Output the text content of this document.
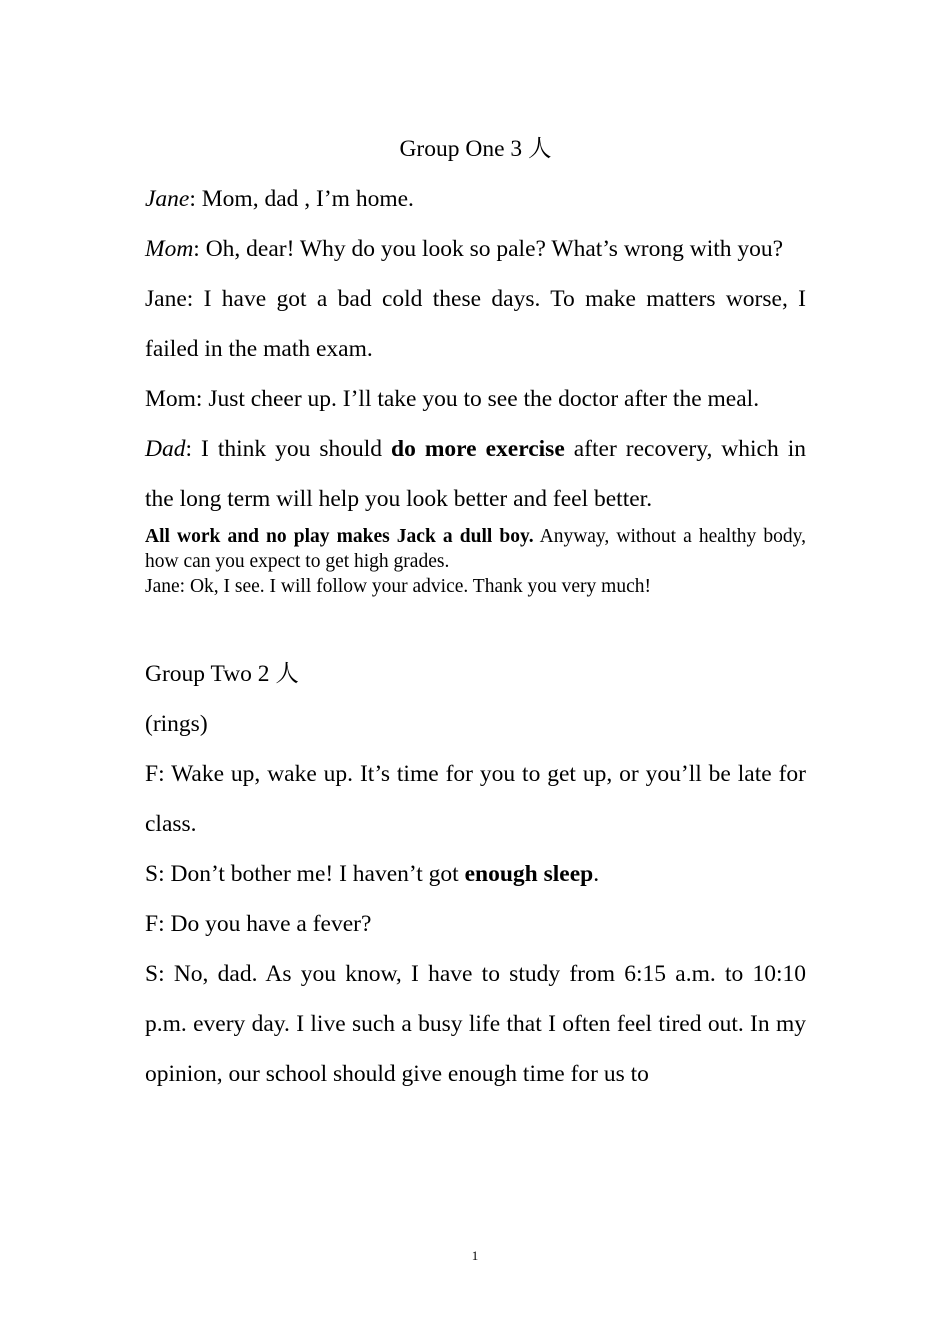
Group One 3 人

Jane: Mom, dad , I’m home.

Mom: Oh, dear! Why do you look so pale? What’s wrong with you?

Jane: I have got a bad cold these days. To make matters worse, I failed in the math exam.

Mom: Just cheer up. I’ll take you to see the doctor after the meal.

Dad: I think you should do more exercise after recovery, which in the long term will help you look better and feel better.

All work and no play makes Jack a dull boy. Anyway, without a healthy body, how can you expect to get high grades.

Jane: Ok, I see. I will follow your advice. Thank you very much!

Group Two 2 人

(rings)

F: Wake up, wake up. It’s time for you to get up, or you’ll be late for class.

S: Don’t bother me! I haven’t got enough sleep.

F: Do you have a fever?

S: No, dad. As you know, I have to study from 6:15 a.m. to 10:10 p.m. every day. I live such a busy life that I often feel tired out. In my opinion, our school should give enough time for us to

1
